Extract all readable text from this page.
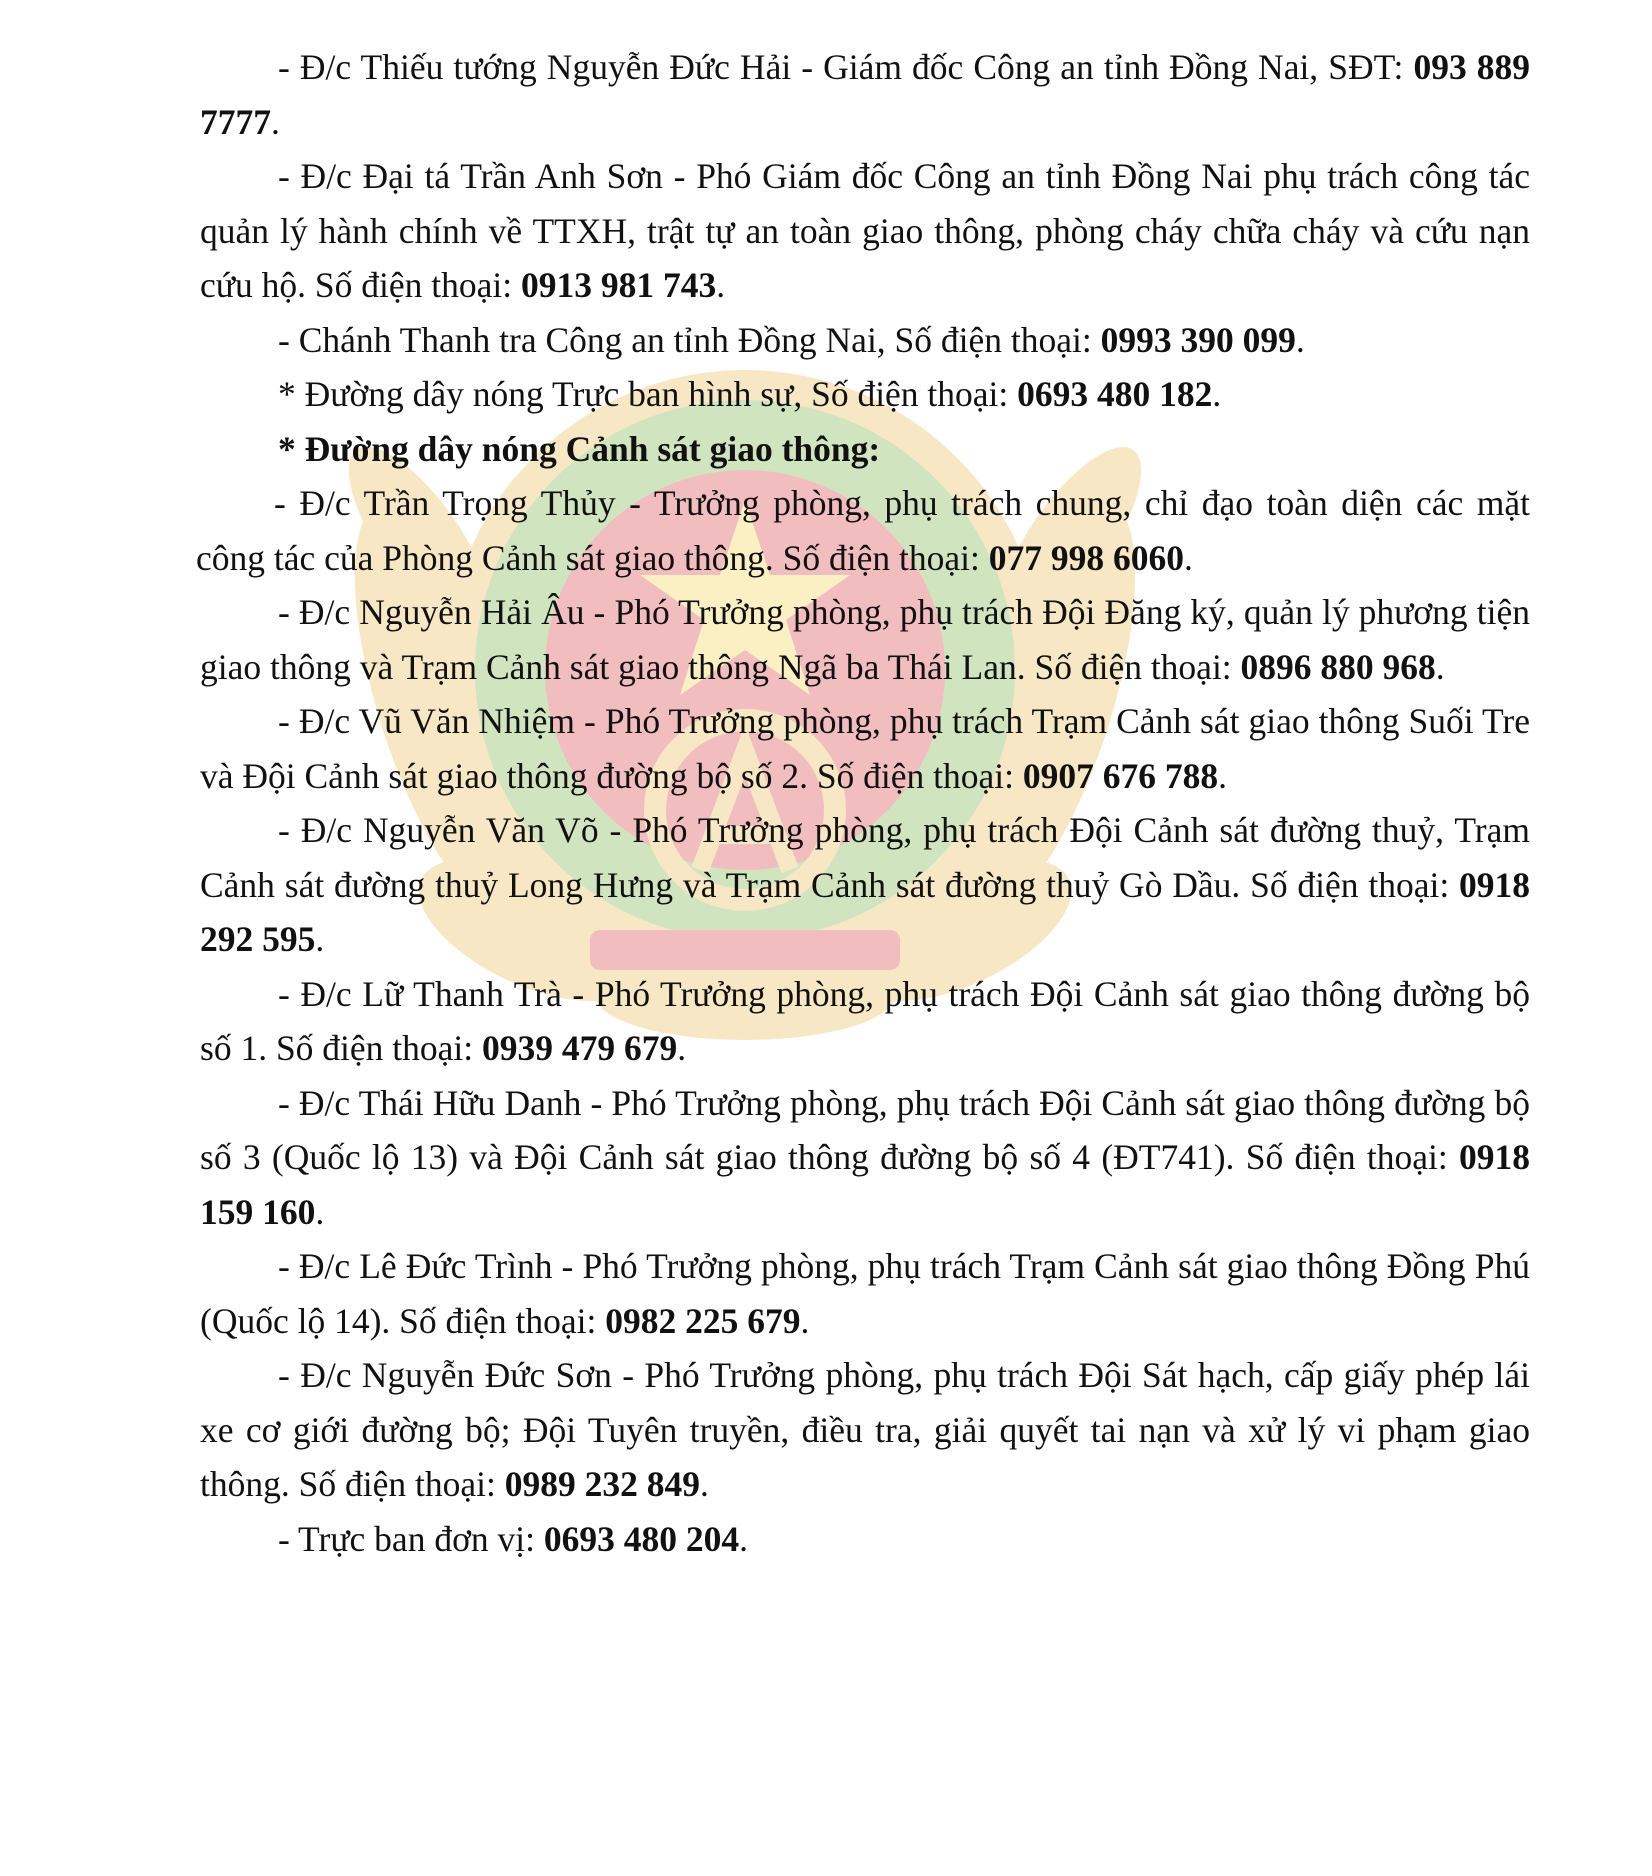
- Đ/c Thiếu tướng Nguyễn Đức Hải - Giám đốc Công an tỉnh Đồng Nai, SĐT: 093 889 7777.

- Đ/c Đại tá Trần Anh Sơn - Phó Giám đốc Công an tỉnh Đồng Nai phụ trách công tác quản lý hành chính về TTXH, trật tự an toàn giao thông, phòng cháy chữa cháy và cứu nạn cứu hộ. Số điện thoại: 0913 981 743.

- Chánh Thanh tra Công an tỉnh Đồng Nai, Số điện thoại: 0993 390 099.

* Đường dây nóng Trực ban hình sự, Số điện thoại: 0693 480 182.

* Đường dây nóng Cảnh sát giao thông:

- Đ/c Trần Trọng Thủy - Trưởng phòng, phụ trách chung, chỉ đạo toàn diện các mặt công tác của Phòng Cảnh sát giao thông. Số điện thoại: 077 998 6060.

- Đ/c Nguyễn Hải Âu - Phó Trưởng phòng, phụ trách Đội Đăng ký, quản lý phương tiện giao thông và Trạm Cảnh sát giao thông Ngã ba Thái Lan. Số điện thoại: 0896 880 968.

- Đ/c Vũ Văn Nhiệm - Phó Trưởng phòng, phụ trách Trạm Cảnh sát giao thông Suối Tre và Đội Cảnh sát giao thông đường bộ số 2. Số điện thoại: 0907 676 788.

- Đ/c Nguyễn Văn Võ - Phó Trưởng phòng, phụ trách Đội Cảnh sát đường thuỷ, Trạm Cảnh sát đường thuỷ Long Hưng và Trạm Cảnh sát đường thuỷ Gò Dầu. Số điện thoại: 0918 292 595.

- Đ/c Lữ Thanh Trà - Phó Trưởng phòng, phụ trách Đội Cảnh sát giao thông đường bộ số 1. Số điện thoại: 0939 479 679.

- Đ/c Thái Hữu Danh - Phó Trưởng phòng, phụ trách Đội Cảnh sát giao thông đường bộ số 3 (Quốc lộ 13) và Đội Cảnh sát giao thông đường bộ số 4 (ĐT741). Số điện thoại: 0918 159 160.

- Đ/c Lê Đức Trình - Phó Trưởng phòng, phụ trách Trạm Cảnh sát giao thông Đồng Phú (Quốc lộ 14). Số điện thoại: 0982 225 679.

- Đ/c Nguyễn Đức Sơn - Phó Trưởng phòng, phụ trách Đội Sát hạch, cấp giấy phép lái xe cơ giới đường bộ; Đội Tuyên truyền, điều tra, giải quyết tai nạn và xử lý vi phạm giao thông. Số điện thoại: 0989 232 849.

- Trực ban đơn vị: 0693 480 204.
